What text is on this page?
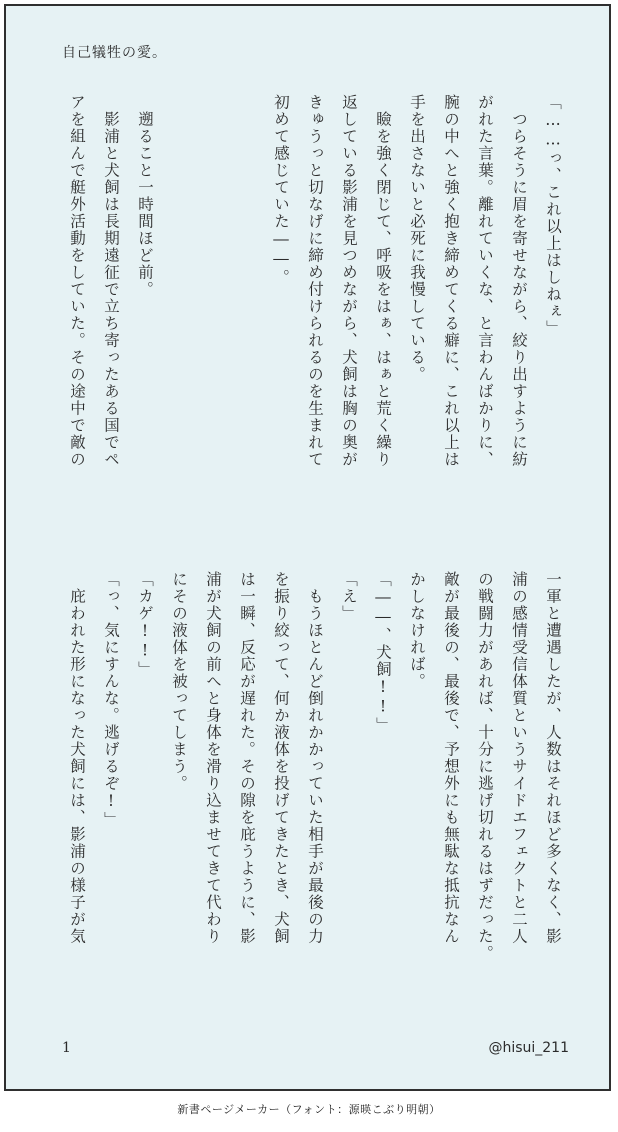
自己犠牲の愛。
「……っ、これ以上はしねぇ」
　つらそうに眉を寄せながら、絞り出すように紡
がれた言葉。離れていくな、と言わんばかりに、
腕の中へと強く抱き締めてくる癖に、これ以上は
手を出さないと必死に我慢している。
　瞼を強く閉じて、呼吸をはぁ、はぁと荒く繰り
返している影浦を見つめながら、犬飼は胸の奥が
きゅうっと切なげに締め付けられるのを生まれて
初めて感じていた――。
　遡ること一時間ほど前。
　影浦と犬飼は長期遠征で立ち寄ったある国でペ
アを組んで艇外活動をしていた。その途中で敵の
一軍と遭遇したが、人数はそれほど多くなく、影
浦の感情受信体質というサイドエフェクトと二人
の戦闘力があれば、十分に逃げ切れるはずだった。
敵が最後の、最後で、予想外にも無駄な抵抗なん
かしなければ。
「――、犬飼!!」
「え」
　もうほとんど倒れかかっていた相手が最後の力
を振り絞って、何か液体を投げてきたとき、犬飼
は一瞬、反応が遅れた。その隙を庇うように、影
浦が犬飼の前へと身体を滑り込ませてきて代わり
にその液体を被ってしまう。
「カゲ!!」
「っ、気にすんな。逃げるぞ!」
　庇われた形になった犬飼には、影浦の様子が気
1	@hisui_211
新書ページメーカー（フォント：源暎こぶり明朝）
